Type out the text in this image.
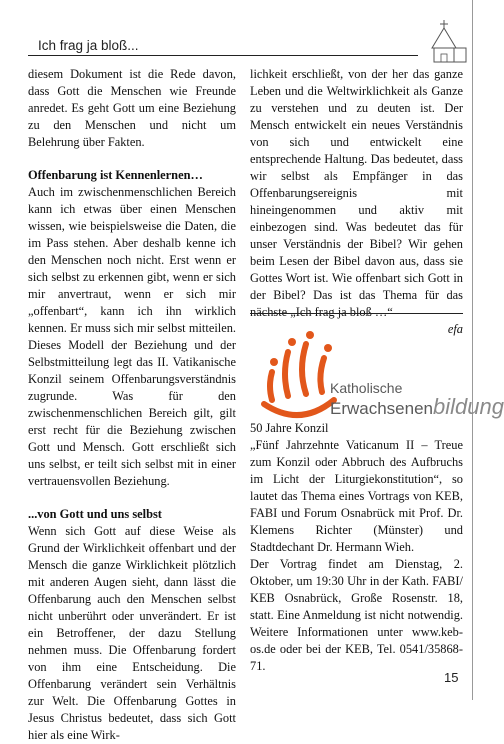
Ich frag ja bloß...

diesem Dokument ist die Rede davon, dass Gott die Menschen wie Freunde anredet. Es geht Gott um eine Beziehung zu den Menschen und nicht um Belehrung über Fakten.

Offenbarung ist Kennenlernen…

Auch im zwischenmenschlichen Bereich kann ich etwas über einen Menschen wissen, wie beispielsweise die Daten, die im Pass stehen. Aber deshalb kenne ich den Menschen noch nicht. Erst wenn er sich selbst zu erkennen gibt, wenn er sich mir anvertraut, wenn er sich mir „offenbart“, kann ich ihn wirklich kennen. Er muss sich mir selbst mitteilen. Dieses Modell der Beziehung und der Selbstmitteilung legt das II. Vatikanische Konzil seinem Offenbarungsverständnis zugrunde. Was für den zwischenmenschlichen Bereich gilt, gilt erst recht für die Beziehung zwischen Gott und Mensch. Gott erschließt sich uns selbst, er teilt sich selbst mit in einer vertrauensvollen Beziehung.

...von Gott und uns selbst

Wenn sich Gott auf diese Weise als Grund der Wirklichkeit offenbart und der Mensch die ganze Wirklichkeit plötzlich mit anderen Augen sieht, dann lässt die Offenbarung auch den Menschen selbst nicht unberührt oder unverändert. Er ist ein Betroffener, der dazu Stellung nehmen muss. Die Offenbarung fordert von ihm eine Entscheidung. Die Offenbarung verändert sein Verhältnis zur Welt. Die Offenbarung Gottes in Jesus Christus bedeutet, dass sich Gott hier als eine Wirk-

lichkeit erschließt, von der her das ganze Leben und die Weltwirklichkeit als Ganze zu verstehen und zu deuten ist. Der Mensch entwickelt ein neues Verständnis von sich und entwickelt eine entsprechende Haltung. Das bedeutet, dass wir selbst als Empfänger in das Offenbarungsereignis mit hineingenommen und aktiv mit einbezogen sind. Was bedeutet das für unser Verständnis der Bibel? Wir gehen beim Lesen der Bibel davon aus, dass sie Gottes Wort ist. Wie offenbart sich Gott in der Bibel? Das ist das Thema für das nächste „Ich frag ja bloß …“

efa

Katholische
Erwachsenenbildung

50 Jahre Konzil

„Fünf Jahrzehnte Vaticanum II – Treue zum Konzil oder Abbruch des Aufbruchs im Licht der Liturgiekonstitution“, so lautet das Thema eines Vortrags von KEB, FABI und Forum Osnabrück mit Prof. Dr. Klemens Richter (Münster) und Stadtdechant Dr. Hermann Wieh.

Der Vortrag findet am Dienstag, 2. Oktober, um 19:30 Uhr in der Kath. FABI/ KEB Osnabrück, Große Rosenstr. 18, statt. Eine Anmeldung ist nicht notwendig. Weitere Informationen unter www.keb-os.de oder bei der KEB, Tel. 0541/35868-71.

15
